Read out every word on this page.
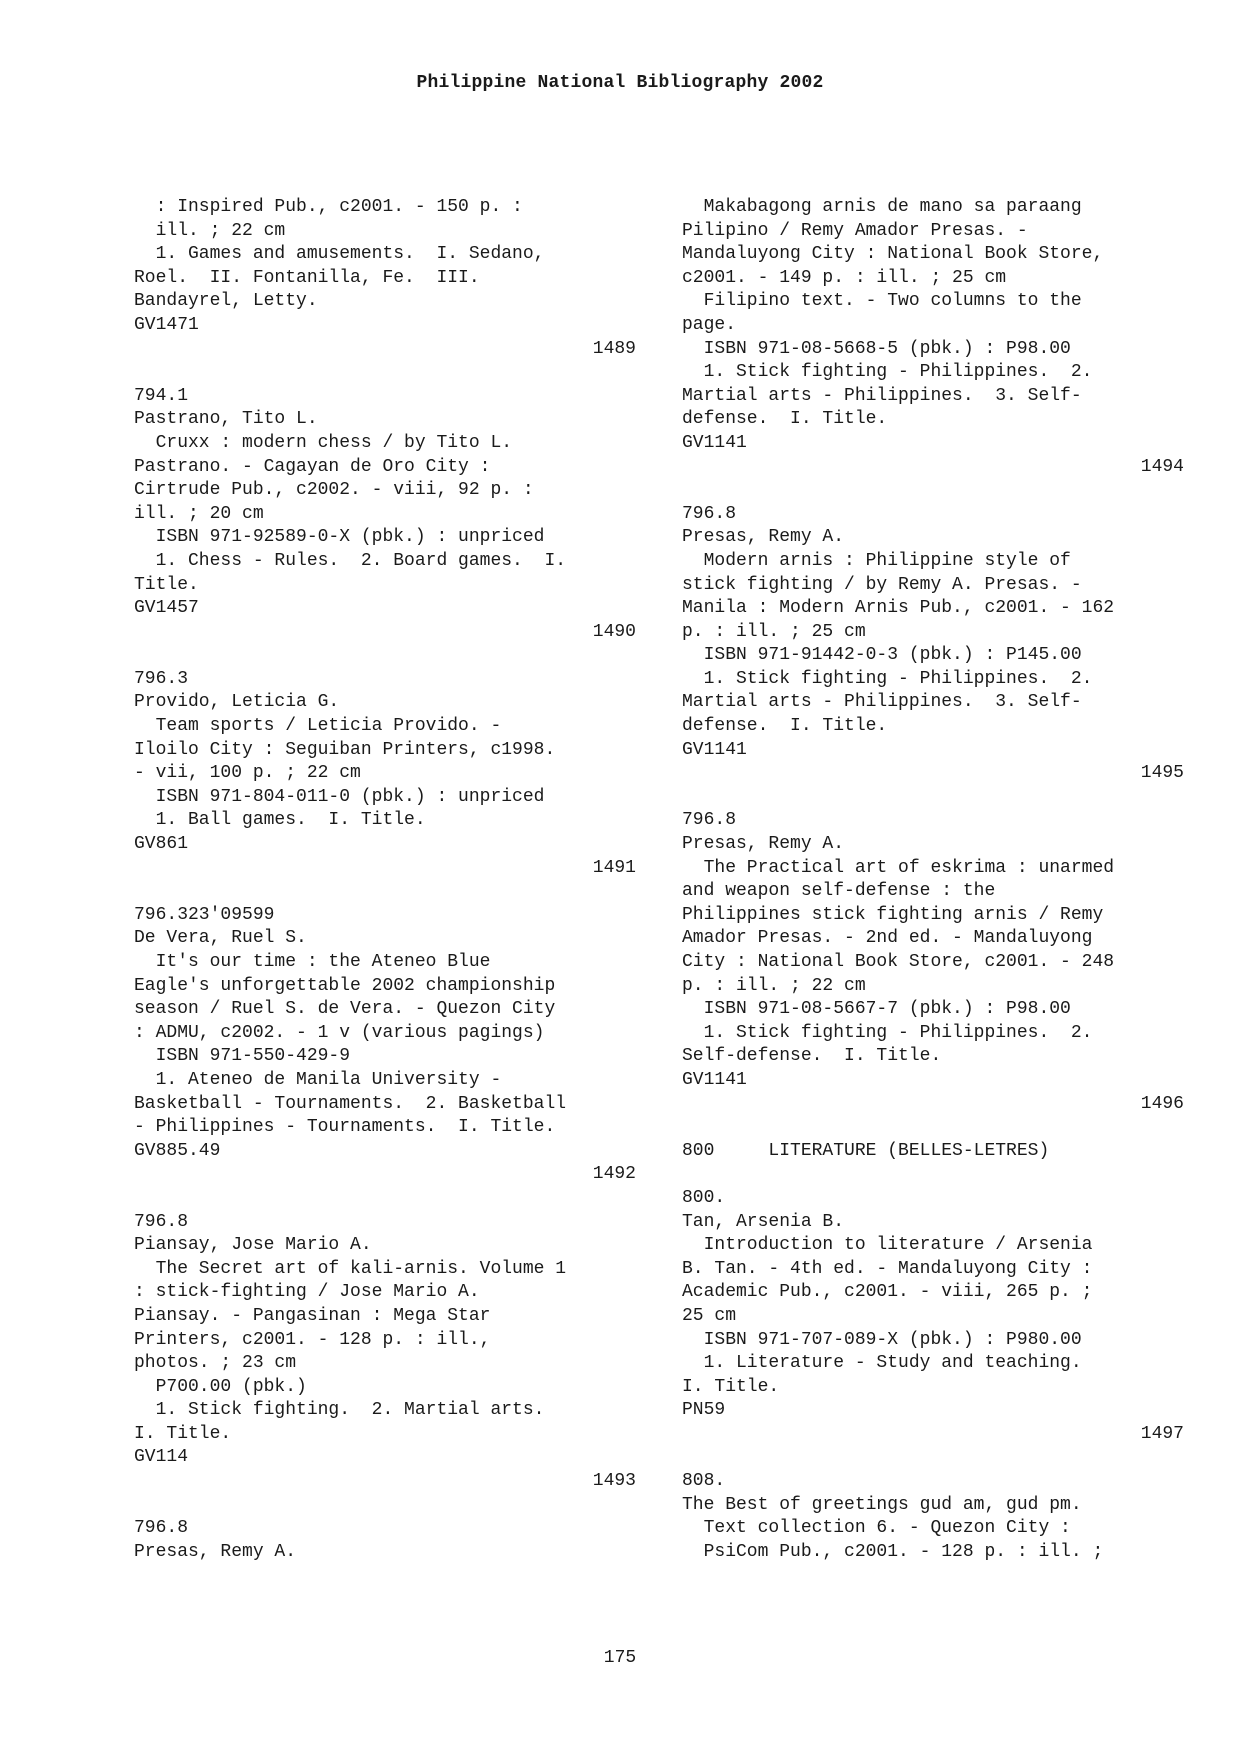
Philippine National Bibliography 2002
: Inspired Pub., c2001. - 150 p. :
ill. ; 22 cm
1. Games and amusements.  I. Sedano,
Roel.  II. Fontanilla, Fe.  III.
Bandayrel, Letty.
GV1471
1489
794.1
Pastrano, Tito L.
Cruxx : modern chess / by Tito L.
Pastrano. - Cagayan de Oro City :
Cirtrude Pub., c2002. - viii, 92 p. :
ill. ; 20 cm
ISBN 971-92589-0-X (pbk.) : unpriced
1. Chess - Rules.  2. Board games.  I.
Title.
GV1457
1490
796.3
Provido, Leticia G.
Team sports / Leticia Provido. -
Iloilo City : Seguiban Printers, c1998.
- vii, 100 p. ; 22 cm
ISBN 971-804-011-0 (pbk.) : unpriced
1. Ball games.  I. Title.
GV861
1491
796.323'09599
De Vera, Ruel S.
It's our time : the Ateneo Blue
Eagle's unforgettable 2002 championship
season / Ruel S. de Vera. - Quezon City
: ADMU, c2002. - 1 v (various pagings)
ISBN 971-550-429-9
1. Ateneo de Manila University -
Basketball - Tournaments.  2. Basketball
- Philippines - Tournaments.  I. Title.
GV885.49
1492
796.8
Piansay, Jose Mario A.
The Secret art of kali-arnis. Volume 1
: stick-fighting / Jose Mario A.
Piansay. - Pangasinan : Mega Star
Printers, c2001. - 128 p. : ill.,
photos. ; 23 cm
P700.00 (pbk.)
1. Stick fighting.  2. Martial arts.
I. Title.
GV114
1493
796.8
Presas, Remy A.
Makabagong arnis de mano sa paraang
Pilipino / Remy Amador Presas. -
Mandaluyong City : National Book Store,
c2001. - 149 p. : ill. ; 25 cm
Filipino text. - Two columns to the
page.
ISBN 971-08-5668-5 (pbk.) : P98.00
1. Stick fighting - Philippines.  2.
Martial arts - Philippines.  3. Self-
defense.  I. Title.
GV1141
1494
796.8
Presas, Remy A.
Modern arnis : Philippine style of
stick fighting / by Remy A. Presas. -
Manila : Modern Arnis Pub., c2001. - 162
p. : ill. ; 25 cm
ISBN 971-91442-0-3 (pbk.) : P145.00
1. Stick fighting - Philippines.  2.
Martial arts - Philippines.  3. Self-
defense.  I. Title.
GV1141
1495
796.8
Presas, Remy A.
The Practical art of eskrima : unarmed
and weapon self-defense : the
Philippines stick fighting arnis / Remy
Amador Presas. - 2nd ed. - Mandaluyong
City : National Book Store, c2001. - 248
p. : ill. ; 22 cm
ISBN 971-08-5667-7 (pbk.) : P98.00
1. Stick fighting - Philippines.  2.
Self-defense.  I. Title.
GV1141
1496
800     LITERATURE (BELLES-LETRES)
800.
Tan, Arsenia B.
Introduction to literature / Arsenia
B. Tan. - 4th ed. - Mandaluyong City :
Academic Pub., c2001. - viii, 265 p. ;
25 cm
ISBN 971-707-089-X (pbk.) : P980.00
1. Literature - Study and teaching.
I. Title.
PN59
1497
808.
The Best of greetings gud am, gud pm.
Text collection 6. - Quezon City :
PsiCom Pub., c2001. - 128 p. : ill. ;
175
